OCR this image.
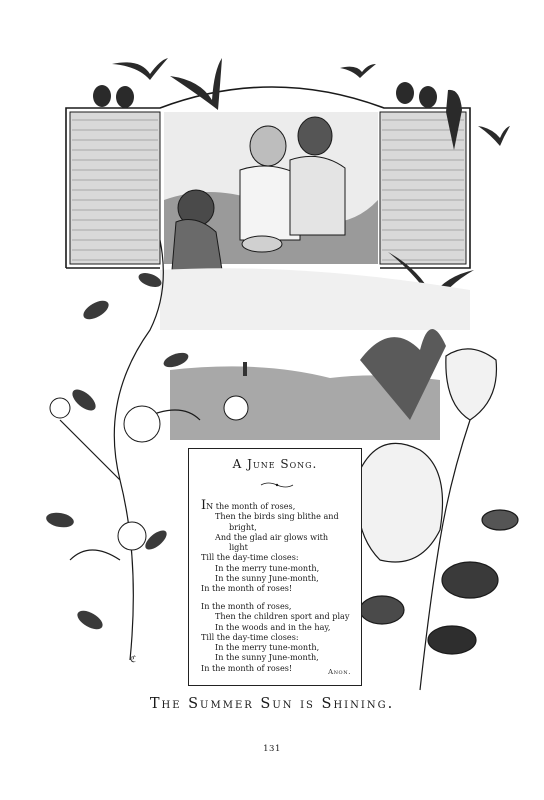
ℭ
A June Song.
IN the month of roses,
Then the birds sing blithe and
bright,
And the glad air glows with
light
Till the day-time closes:
In the merry tune-month,
In the sunny June-month,
In the month of roses!
In the month of roses,
Then the children sport and play
In the woods and in the hay,
Till the day-time closes:
In the merry tune-month,
In the sunny June-month,
In the month of roses!	Anon.
The Summer Sun is Shining.
131
